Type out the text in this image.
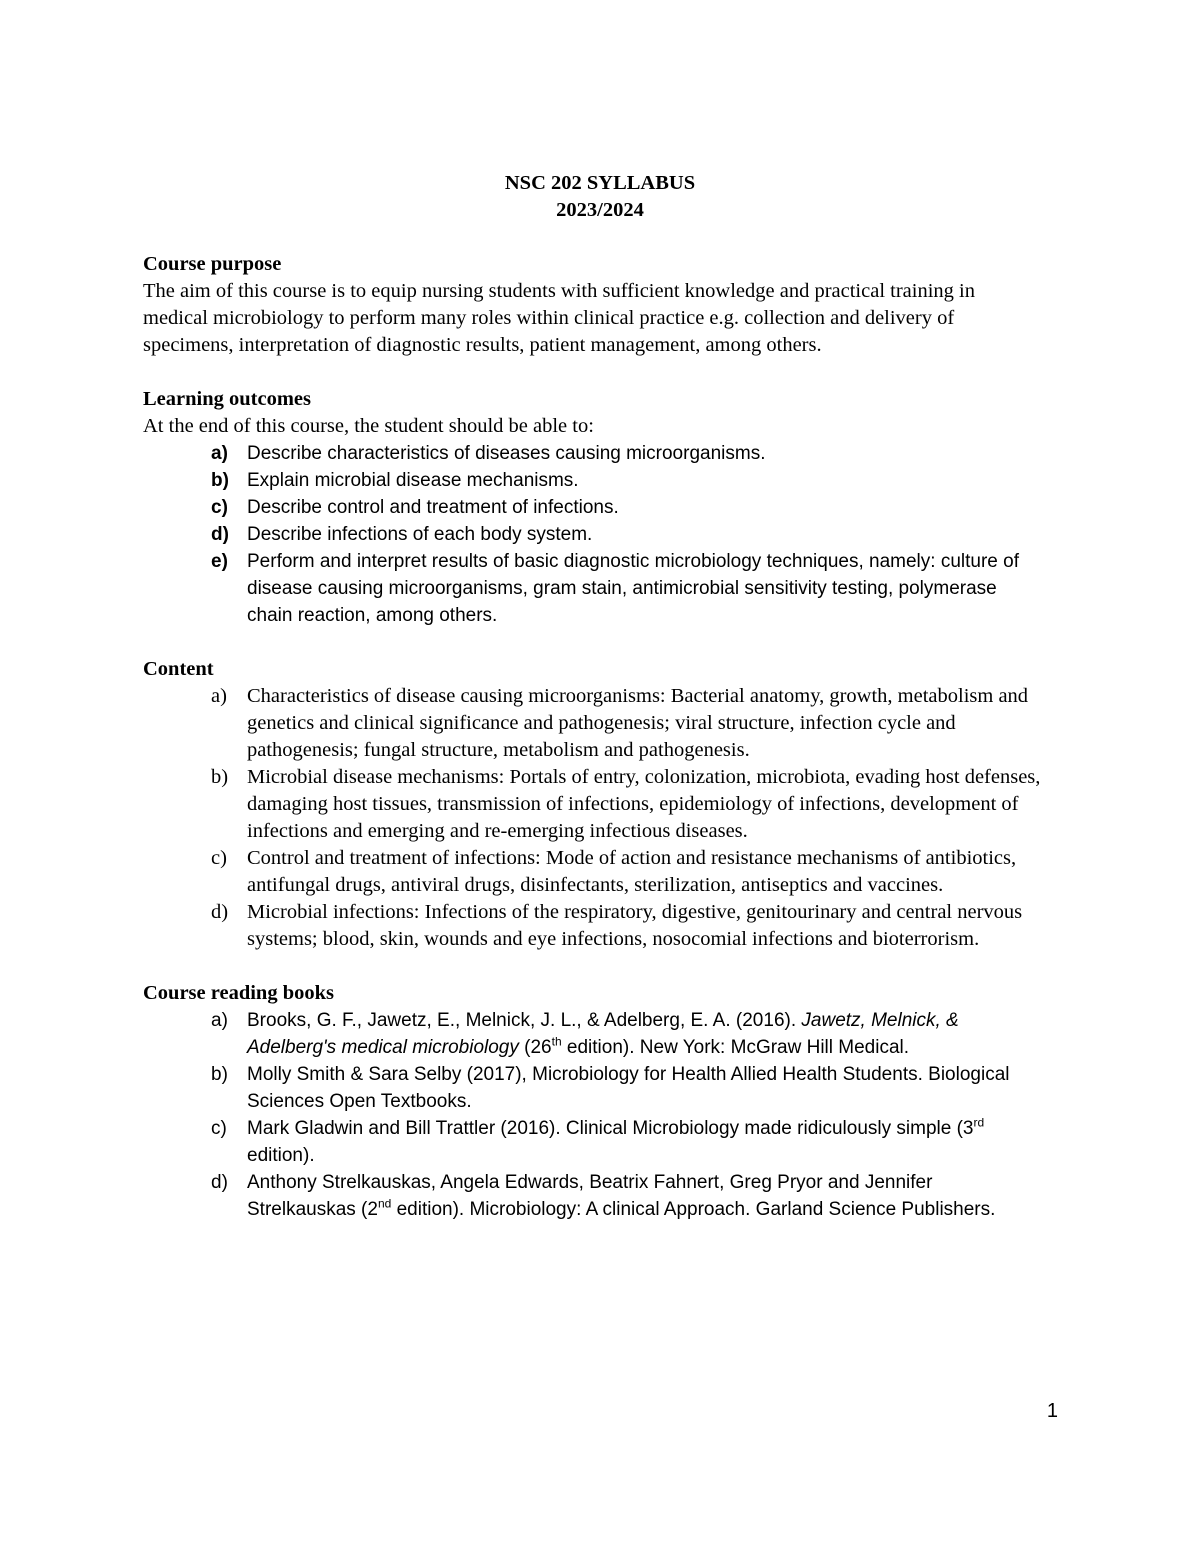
NSC 202 SYLLABUS
2023/2024

Course purpose

The aim of this course is to equip nursing students with sufficient knowledge and practical training in medical microbiology to perform many roles within clinical practice e.g. collection and delivery of specimens, interpretation of diagnostic results, patient management, among others.

Learning outcomes

At the end of this course, the student should be able to:

a) Describe characteristics of diseases causing microorganisms.
b) Explain microbial disease mechanisms.
c) Describe control and treatment of infections.
d) Describe infections of each body system.
e) Perform and interpret results of basic diagnostic microbiology techniques, namely: culture of disease causing microorganisms, gram stain, antimicrobial sensitivity testing, polymerase chain reaction, among others.

Content

a) Characteristics of disease causing microorganisms: Bacterial anatomy, growth, metabolism and genetics and clinical significance and pathogenesis; viral structure, infection cycle and pathogenesis; fungal structure, metabolism and pathogenesis.
b) Microbial disease mechanisms: Portals of entry, colonization, microbiota, evading host defenses, damaging host tissues, transmission of infections, epidemiology of infections, development of infections and emerging and re-emerging infectious diseases.
c) Control and treatment of infections: Mode of action and resistance mechanisms of antibiotics, antifungal drugs, antiviral drugs, disinfectants, sterilization, antiseptics and vaccines.
d) Microbial infections: Infections of the respiratory, digestive, genitourinary and central nervous systems; blood, skin, wounds and eye infections, nosocomial infections and bioterrorism.

Course reading books

a) Brooks, G. F., Jawetz, E., Melnick, J. L., & Adelberg, E. A. (2016). Jawetz, Melnick, & Adelberg's medical microbiology (26th edition). New York: McGraw Hill Medical.
b) Molly Smith & Sara Selby (2017), Microbiology for Health Allied Health Students. Biological Sciences Open Textbooks.
c) Mark Gladwin and Bill Trattler (2016). Clinical Microbiology made ridiculously simple (3rd edition).
d) Anthony Strelkauskas, Angela Edwards, Beatrix Fahnert, Greg Pryor and Jennifer Strelkauskas (2nd edition). Microbiology: A clinical Approach. Garland Science Publishers.
1
